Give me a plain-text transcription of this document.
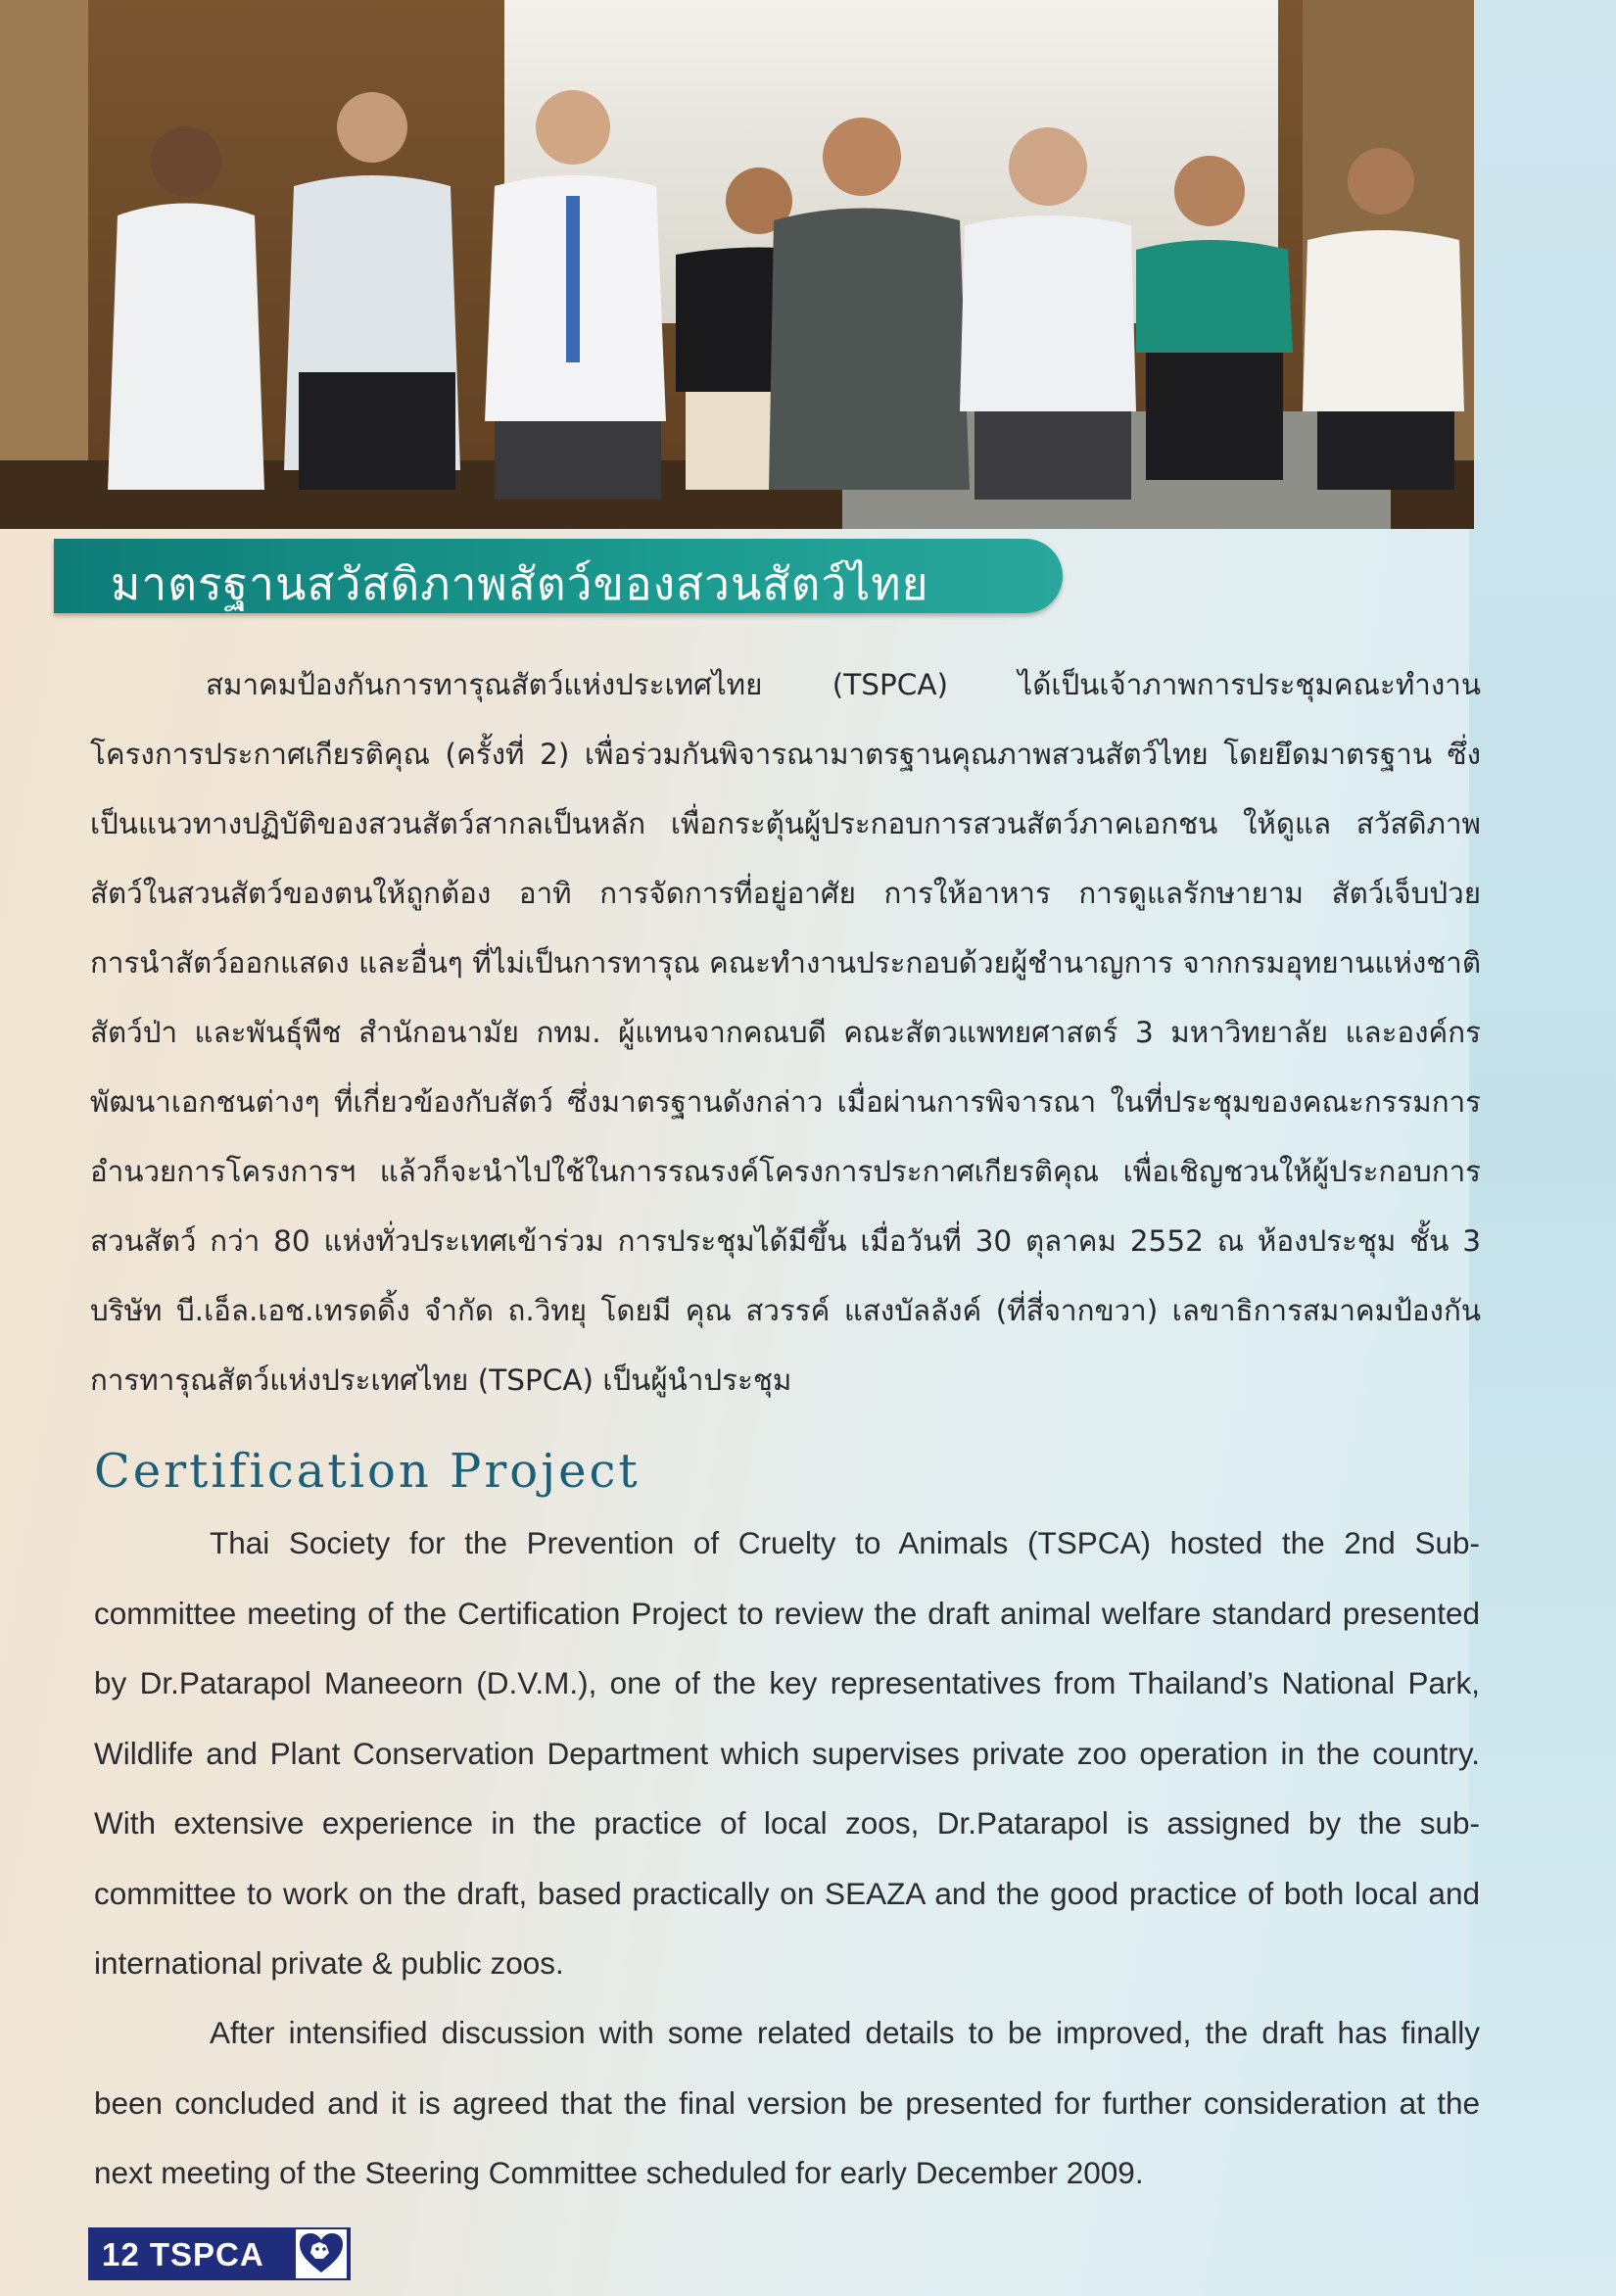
มาตรฐานสวัสดิภาพสัตว์ของสวนสัตว์ไทย

สมาคมป้องกันการทารุณสัตว์แห่งประเทศไทย (TSPCA) ได้เป็นเจ้าภาพการประชุมคณะทำงาน โครงการประกาศเกียรติคุณ (ครั้งที่ 2) เพื่อร่วมกันพิจารณามาตรฐานคุณภาพสวนสัตว์ไทย โดยยึดมาตรฐาน ซึ่งเป็นแนวทางปฏิบัติของสวนสัตว์สากลเป็นหลัก เพื่อกระตุ้นผู้ประกอบการสวนสัตว์ภาคเอกชน ให้ดูแล สวัสดิภาพสัตว์ในสวนสัตว์ของตนให้ถูกต้อง อาทิ การจัดการที่อยู่อาศัย การให้อาหาร การดูแลรักษายาม สัตว์เจ็บป่วย การนำสัตว์ออกแสดง และอื่นๆ ที่ไม่เป็นการทารุณ คณะทำงานประกอบด้วยผู้ชำนาญการ จากกรมอุทยานแห่งชาติ สัตว์ป่า และพันธุ์พืช สำนักอนามัย กทม. ผู้แทนจากคณบดี คณะสัตวแพทยศาสตร์ 3 มหาวิทยาลัย และองค์กรพัฒนาเอกชนต่างๆ ที่เกี่ยวข้องกับสัตว์ ซึ่งมาตรฐานดังกล่าว เมื่อผ่านการพิจารณา ในที่ประชุมของคณะกรรมการอำนวยการโครงการฯ แล้วก็จะนำไปใช้ในการรณรงค์โครงการประกาศเกียรติคุณ เพื่อเชิญชวนให้ผู้ประกอบการสวนสัตว์ กว่า 80 แห่งทั่วประเทศเข้าร่วม การประชุมได้มีขึ้น เมื่อวันที่ 30 ตุลาคม 2552 ณ ห้องประชุม ชั้น 3 บริษัท บี.เอ็ล.เอช.เทรดดิ้ง จำกัด ถ.วิทยุ โดยมี คุณ สวรรค์ แสงบัลลังค์ (ที่สี่จากขวา) เลขาธิการสมาคมป้องกันการทารุณสัตว์แห่งประเทศไทย (TSPCA) เป็นผู้นำประชุม

Certification Project

Thai Society for the Prevention of Cruelty to Animals (TSPCA) hosted the 2nd Sub-committee meeting of the Certification Project to review the draft animal welfare standard presented by Dr.Patarapol Maneeorn (D.V.M.), one of the key representatives from Thailand’s National Park, Wildlife and Plant Conservation Department which supervises private zoo operation in the country. With extensive experience in the practice of local zoos, Dr.Patarapol is assigned by the sub-committee to work on the draft, based practically on SEAZA and the good practice of both local and international private & public zoos.

After intensified discussion with some related details to be improved, the draft has finally been concluded and it is agreed that the final version be presented for further consideration at the next meeting of the Steering Committee scheduled for early December 2009.

12 TSPCA
